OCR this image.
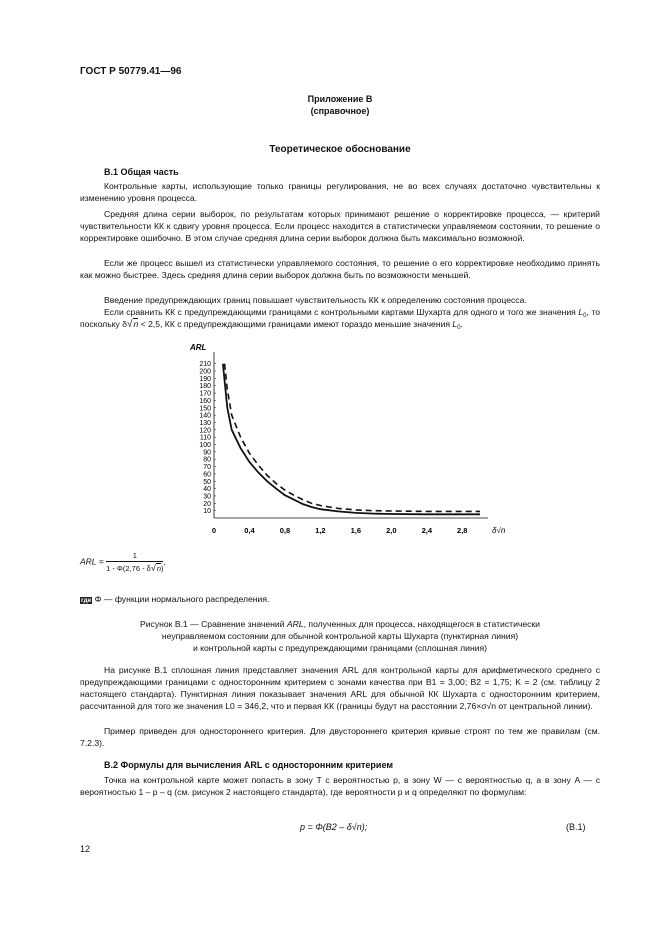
ГОСТ Р 50779.41—96
Приложение В
(справочное)
Теоретическое обоснование
В.1 Общая часть
Контрольные карты, использующие только границы регулирования, не во всех случаях достаточно чувствительны к изменению уровня процесса.
Средняя длина серии выборок, по результатам которых принимают решение о корректировке процесса, — критерий чувствительности КК к сдвигу уровня процесса. Если процесс находится в статистически управляемом состоянии, то решение о корректировке ошибочно. В этом случае средняя длина серии выборок должна быть максимально возможной.
Если же процесс вышел из статистически управляемого состояния, то решение о его корректировке необходимо принять как можно быстрее. Здесь средняя длина серии выборок должна быть по возможности меньшей.
Введение предупреждающих границ повышает чувствительность КК к определению состояния процесса.
Если сравнить КК с предупреждающими границами с контрольными картами Шухарта для одного и того же значения $L_0$, то поскольку δ√n < 2,5, КК с предупреждающими границами имеют гораздо меньшие значения $L_0$.
ARL
10
20
30
40
50
60
70
80
90
100
110
120
130
140
150
160
170
180
190
200
210
0	0,4	0,8	1,2	1,6	2,0	2,4	2,8	δ√n
ARL = $\frac{1}{1 - \Phi(2,76 - \delta√n)}$ ,
где Φ — функции нормального распределения.
Рисунок В.1 — Сравнение значений ARL, полученных для процесса, находящегося в статистически
неуправляемом состоянии для обычной контрольной карты Шухарта (пунктирная линия)
и контрольной карты с предупреждающими границами (сплошная линия)
На рисунке В.1 сплошная линия представляет значения ARL для контрольной карты для арифметического среднего с предупреждающими границами с односторонним критерием с зонами качества при B1 = 3,00; B2 = 1,75; K = 2 (см. таблицу 2 настоящего стандарта). Пунктирная линия показывает значения ARL для обычной КК Шухарта с односторонним критерием, рассчитанной для того же значения L0 = 346,2, что и первая КК (границы будут на расстоянии 2,76×σ√n от центральной линии).
Пример приведен для одностороннего критерия. Для двустороннего критерия кривые строят по тем же правилам (см. 7.2.3).
В.2 Формулы для вычисления ARL с односторонним критерием
Точка на контрольной карте может попасть в зону T с вероятностью p, в зону W — с вероятностью q, а в зону A — с вероятностью 1 – p – q (см. рисунок 2 настоящего стандарта), где вероятности p и q определяют по формулам:
p = Φ(B2 – δ√n);	(В.1)
12
